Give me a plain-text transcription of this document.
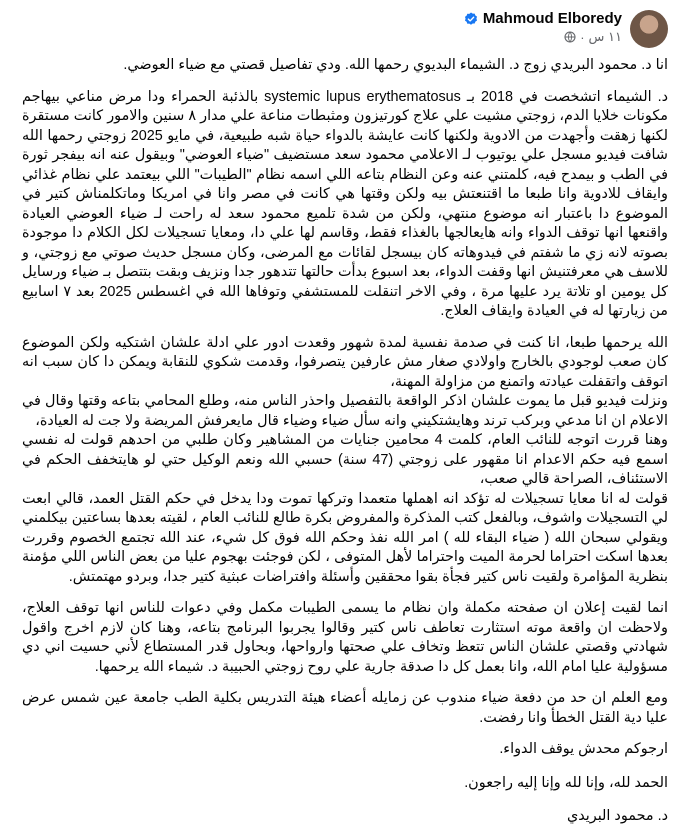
Mahmoud Elboredy
١١ س
·

انا د. محمود البريدي زوج د. الشيماء البديوي رحمها الله. ودي تفاصيل قصتي مع ضياء العوضي.

د. الشيماء اتشخصت في 2018 بـ systemic lupus erythematosus بالذئبة الحمراء ودا مرض مناعي بيهاجم مكونات خلايا الدم، زوجتي مشيت علي علاج كورتيزون ومثبطات مناعة علي مدار ٨ سنين والامور كانت مستقرة لكنها زهقت وأجهدت من الادوية ولكنها كانت عايشة بالدواء حياة شبه طبيعية، في مايو 2025 زوجتي رحمها الله شافت فيديو مسجل علي يوتيوب لـ الاعلامي محمود سعد مستضيف "ضياء العوضي" وبيقول عنه انه بيفجر ثورة في الطب و بيمدح فيه، كلمتني عنه وعن النظام بتاعه اللي اسمه نظام "الطيبات" اللي بيعتمد علي نظام غذائي وايقاف للادوية وانا طبعا ما اقتنعتش بيه ولكن وقتها هي كانت في مصر وانا في امريكا وماتكلمناش كتير في الموضوع دا باعتبار انه موضوع منتهي، ولكن من شدة تلميع محمود سعد له راحت لـ ضياء العوضي العيادة واقنعها انها توقف الدواء وانه هايعالجها بالغذاء فقط، وقاسم لها علي دا، ومعايا تسجيلات لكل الكلام دا موجودة بصوته لانه زي ما شفتم في فيدوهاته كان بيسجل لقائات مع المرضى، وكان مسجل حديث صوتي مع زوجتي، و للاسف هي معرفتنيش انها وقفت الدواء، بعد اسبوع بدأت حالتها تتدهور جدا ونزيف وبقت بتتصل بـ ضياء ورسايل كل يومين او تلاتة يرد عليها مرة ، وفي الاخر اتنقلت للمستشفي وتوفاها الله في اغسطس 2025 بعد ٧ اسابيع من زيارتها له في العيادة وايقاف العلاج.

الله يرحمها طبعا، انا كنت في صدمة نفسية لمدة شهور وقعدت ادور علي ادلة علشان اشتكيه ولكن الموضوع كان صعب لوجودي بالخارج واولادي صغار مش عارفين يتصرفوا، وقدمت شكوي للنقابة ويمكن دا كان سبب انه اتوقف واتقفلت عيادته واتمنع من مزاولة المهنة،
ونزلت فيديو قبل ما يموت علشان اذكر الواقعة بالتفصيل واحذر الناس منه، وطلع المحامي بتاعه وقتها وقال في الاعلام ان انا مدعي وبركب ترند وهايشتكيني وانه سأل ضياء وضياء قال مايعرفش المريضة ولا جت له العيادة،
وهنا قررت اتوجه للنائب العام، كلمت 4 محامين جنايات من المشاهير وكان طلبي من احدهم قولت له نفسي اسمع فيه حكم الاعدام انا مقهور على زوجتي (47 سنة) حسبي الله ونعم الوكيل حتي لو هايتخفف الحكم في الاستئناف، الصراحة قالي صعب،
قولت له انا معايا تسجيلات له تؤكد انه اهملها متعمدا وتركها تموت ودا يدخل في حكم القتل العمد، قالي ابعت لي التسجيلات واشوف، وبالفعل كتب المذكرة والمفروض بكرة طالع للنائب العام ، لقيته بعدها بساعتين بيكلمني ويقولي سبحان الله ( ضياء البقاء لله ) امر الله نفذ وحكم الله فوق كل شيء، عند الله تجتمع الخصوم وقررت بعدها اسكت احتراما لحرمة الميت واحتراما لأهل المتوفى ، لكن فوجئت بهجوم عليا من بعض الناس اللي مؤمنة بنظرية المؤامرة ولقيت ناس كتير فجأة بقوا محققين وأسئلة وافتراضات عبثية كتير جدا، وبردو مهتمتش.

انما لقيت إعلان ان صفحته مكملة وان نظام ما يسمى الطيبات مكمل وفي دعوات للناس انها توقف العلاج، ولاحظت ان واقعة موته استثارت تعاطف ناس كتير وقالوا يجربوا البرنامج بتاعه، وهنا كان لازم اخرج واقول شهادتي وقصتي علشان الناس تتعظ وتخاف علي صحتها وارواحها، وبحاول قدر المستطاع لأني حسيت اني دي مسؤولية عليا امام الله، وانا بعمل كل دا صدقة جارية علي روح زوجتي الحبيبة د. شيماء الله يرحمها.

ومع العلم ان حد من دفعة ضياء مندوب عن زمايله أعضاء هيئة التدريس بكلية الطب جامعة عين شمس عرض عليا دية القتل الخطأ وانا رفضت.

ارجوكم محدش يوقف الدواء.

الحمد لله، وإنا لله وإنا إليه راجعون.

د. محمود البريدي
